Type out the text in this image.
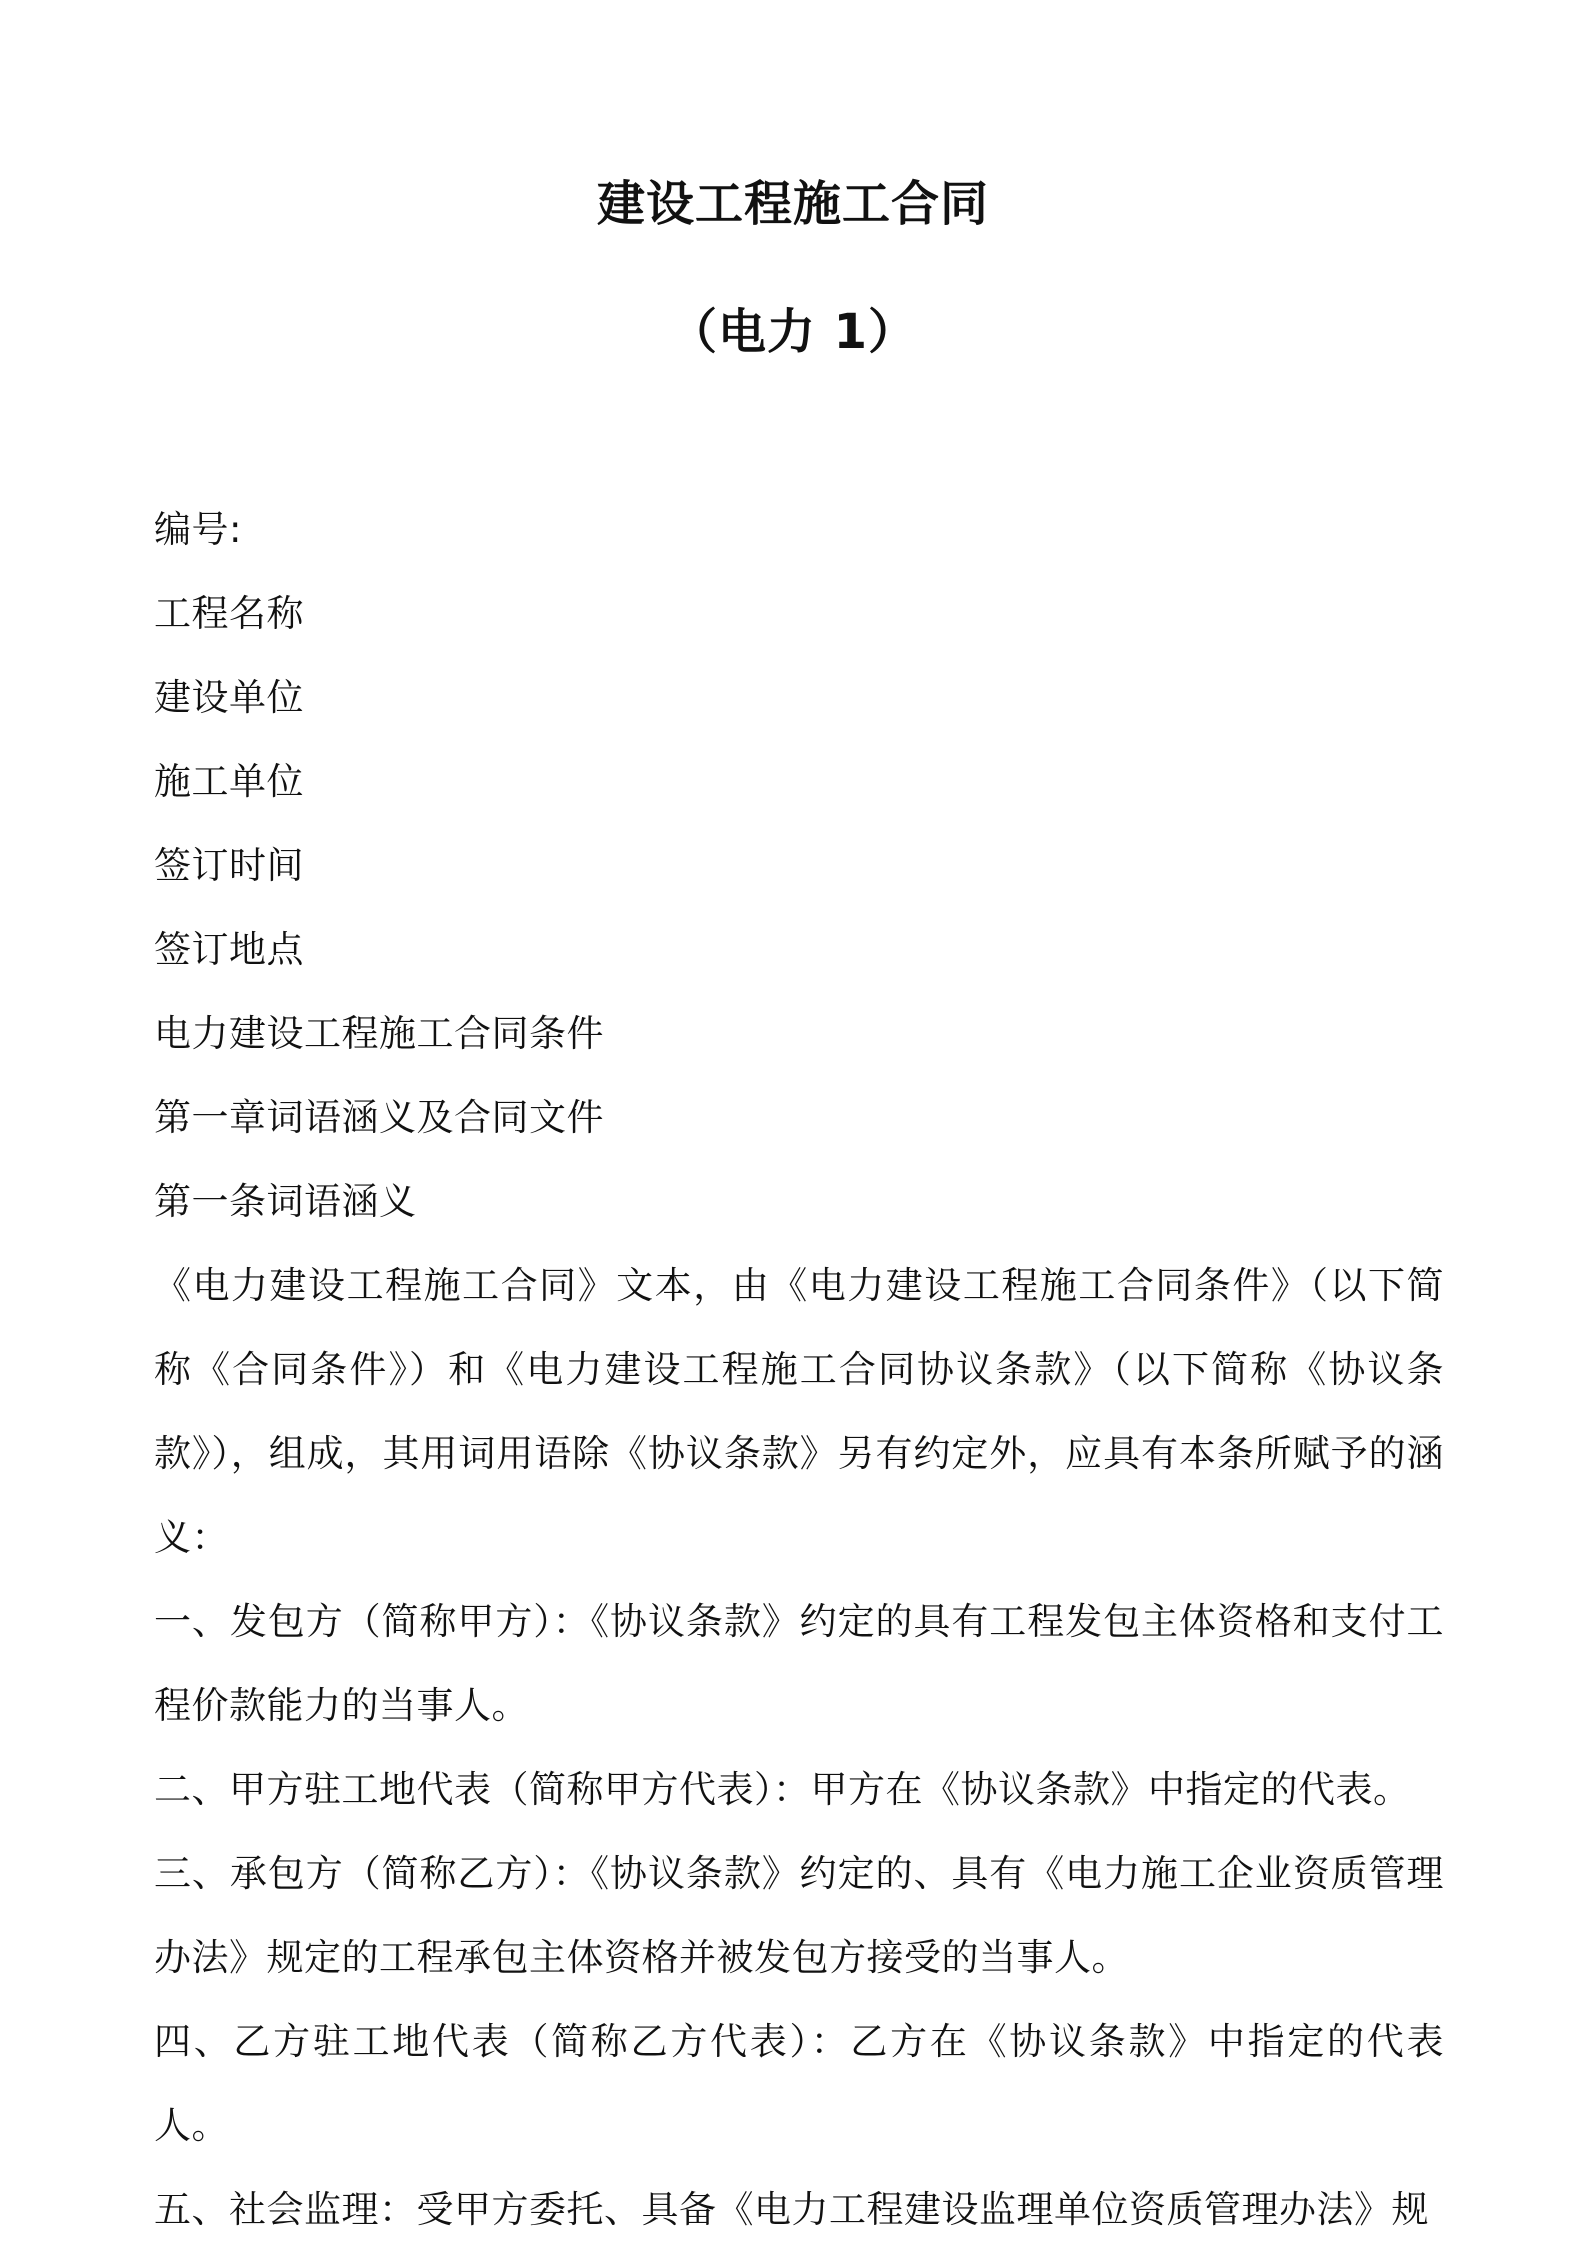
建设工程施工合同
（电力 1）

编号:

工程名称

建设单位

施工单位

签订时间

签订地点

电力建设工程施工合同条件

第一章词语涵义及合同文件

第一条词语涵义

《电力建设工程施工合同》文本，由《电力建设工程施工合同条件》（以下简称《合同条件》）和《电力建设工程施工合同协议条款》（以下简称《协议条款》），组成，其用词用语除《协议条款》另有约定外，应具有本条所赋予的涵义：

一、发包方（简称甲方）：《协议条款》约定的具有工程发包主体资格和支付工程价款能力的当事人。

二、甲方驻工地代表（简称甲方代表）：甲方在《协议条款》中指定的代表。

三、承包方（简称乙方）：《协议条款》约定的、具有《电力施工企业资质管理办法》规定的工程承包主体资格并被发包方接受的当事人。

四、乙方驻工地代表（简称乙方代表）：乙方在《协议条款》中指定的代表人。

五、社会监理：受甲方委托、具备《电力工程建设监理单位资质管理办法》规
